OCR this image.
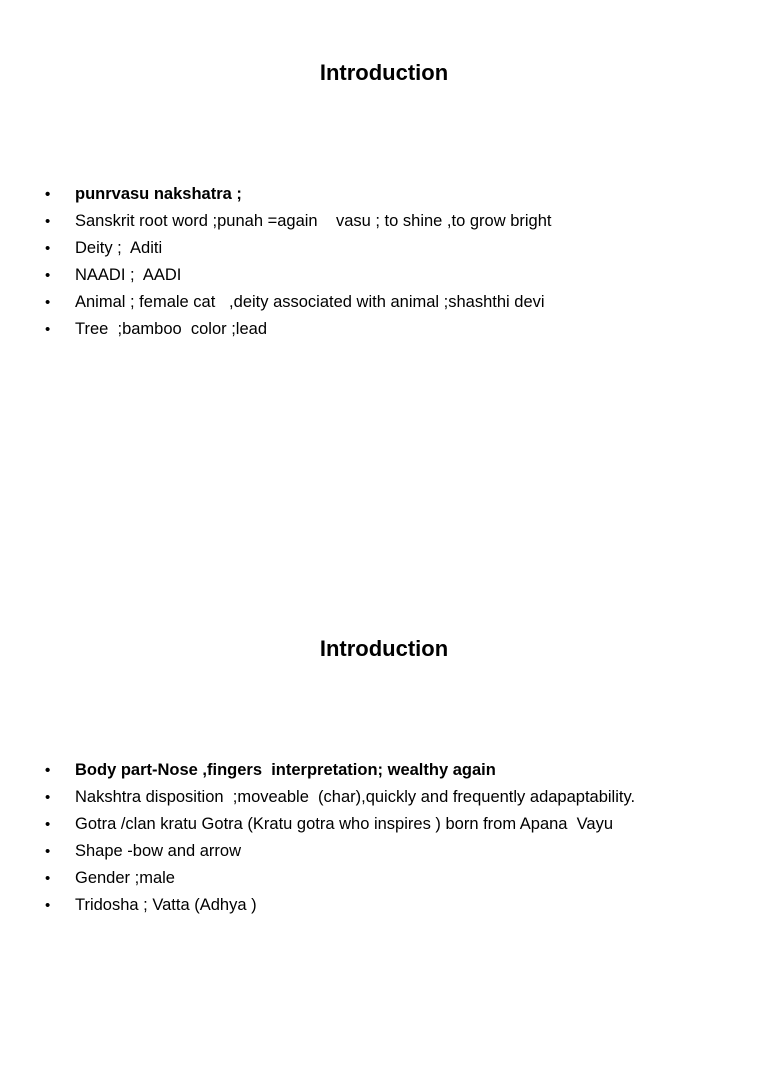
Introduction
• punrvasu nakshatra ;
• Sanskrit root word ;punah =again    vasu ; to shine ,to grow bright
• Deity ;  Aditi
• NAADI ;  AADI
• Animal ; female cat   ,deity associated with animal ;shashthi devi
• Tree  ;bamboo  color ;lead
Introduction
• Body part-Nose ,fingers  interpretation; wealthy again
• Nakshtra disposition  ;moveable  (char),quickly and frequently adapaptability.
• Gotra /clan kratu Gotra (Kratu gotra who inspires ) born from Apana  Vayu
• Shape -bow and arrow
• Gender ;male
• Tridosha ; Vatta (Adhya )
